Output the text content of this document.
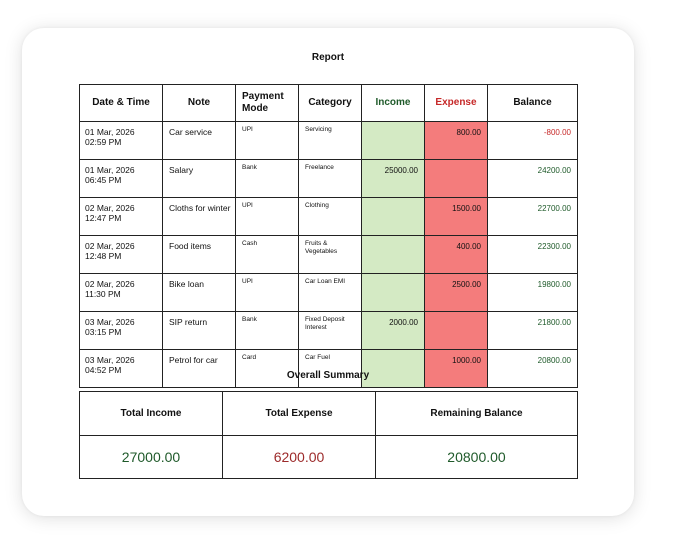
Report
Date & Time	Note	Payment Mode	Category	Income	Expense	Balance

01 Mar, 2026
02:59 PM	Car service	UPI	Servicing		800.00	-800.00

01 Mar, 2026
06:45 PM	Salary	Bank	Freelance	25000.00		24200.00

02 Mar, 2026
12:47 PM	Cloths for winter	UPI	Clothing		1500.00	22700.00

02 Mar, 2026
12:48 PM	Food items	Cash	Fruits & Vegetables		400.00	22300.00

02 Mar, 2026
11:30 PM	Bike loan	UPI	Car Loan EMI		2500.00	19800.00

03 Mar, 2026
03:15 PM	SIP return	Bank	Fixed Deposit Interest	2000.00		21800.00

03 Mar, 2026
04:52 PM	Petrol for car	Card	Car Fuel		1000.00	20800.00
Overall Summary
Total Income	Total Expense	Remaining Balance
27000.00	6200.00	20800.00
